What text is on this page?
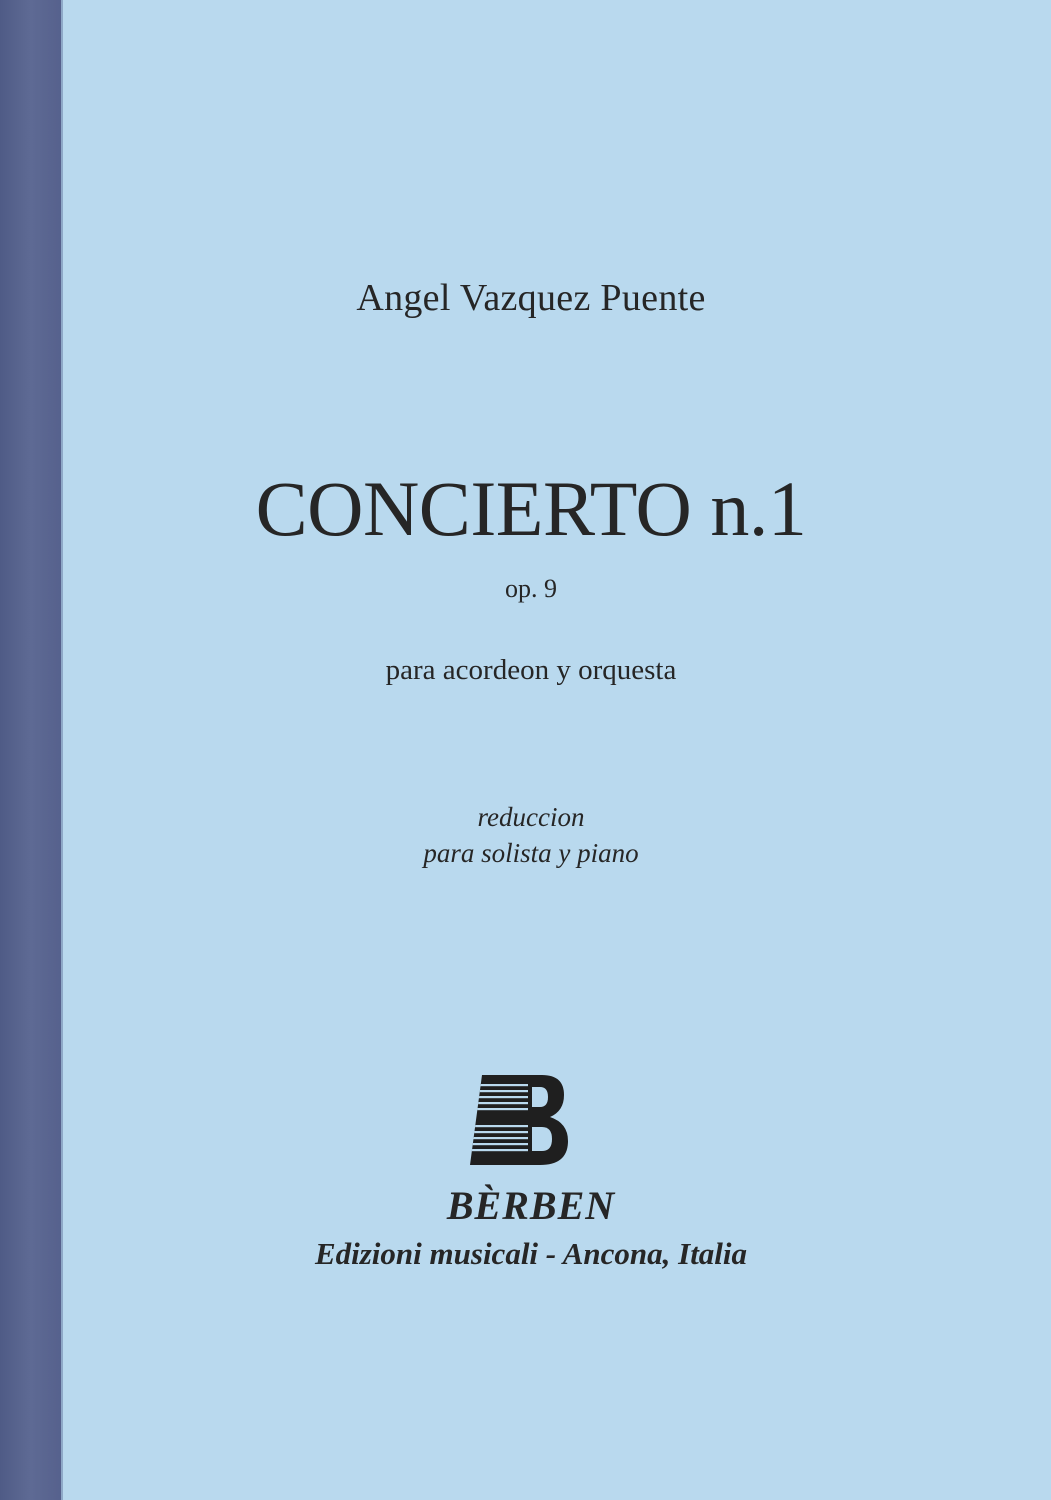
Angel Vazquez Puente
CONCIERTO n.1
op. 9
para acordeon y orquesta
reduccion
para solista y piano
BÈRBEN
Edizioni musicali - Ancona, Italia
